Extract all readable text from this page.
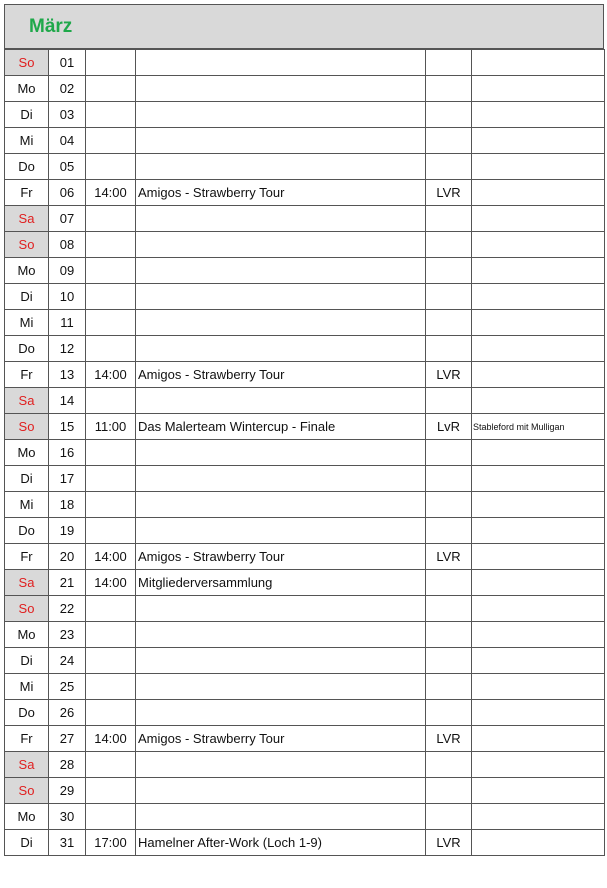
März
So	01				
Mo	02				
Di	03				
Mi	04				
Do	05				
Fr	06	14:00	Amigos - Strawberry Tour	LVR	
Sa	07				
So	08				
Mo	09				
Di	10				
Mi	11				
Do	12				
Fr	13	14:00	Amigos - Strawberry Tour	LVR	
Sa	14				
So	15	11:00	Das Malerteam Wintercup - Finale	LvR	Stableford mit Mulligan
Mo	16				
Di	17				
Mi	18				
Do	19				
Fr	20	14:00	Amigos - Strawberry Tour	LVR	
Sa	21	14:00	Mitgliederversammlung		
So	22				
Mo	23				
Di	24				
Mi	25				
Do	26				
Fr	27	14:00	Amigos - Strawberry Tour	LVR	
Sa	28				
So	29				
Mo	30				
Di	31	17:00	Hamelner After-Work (Loch 1-9)	LVR	
